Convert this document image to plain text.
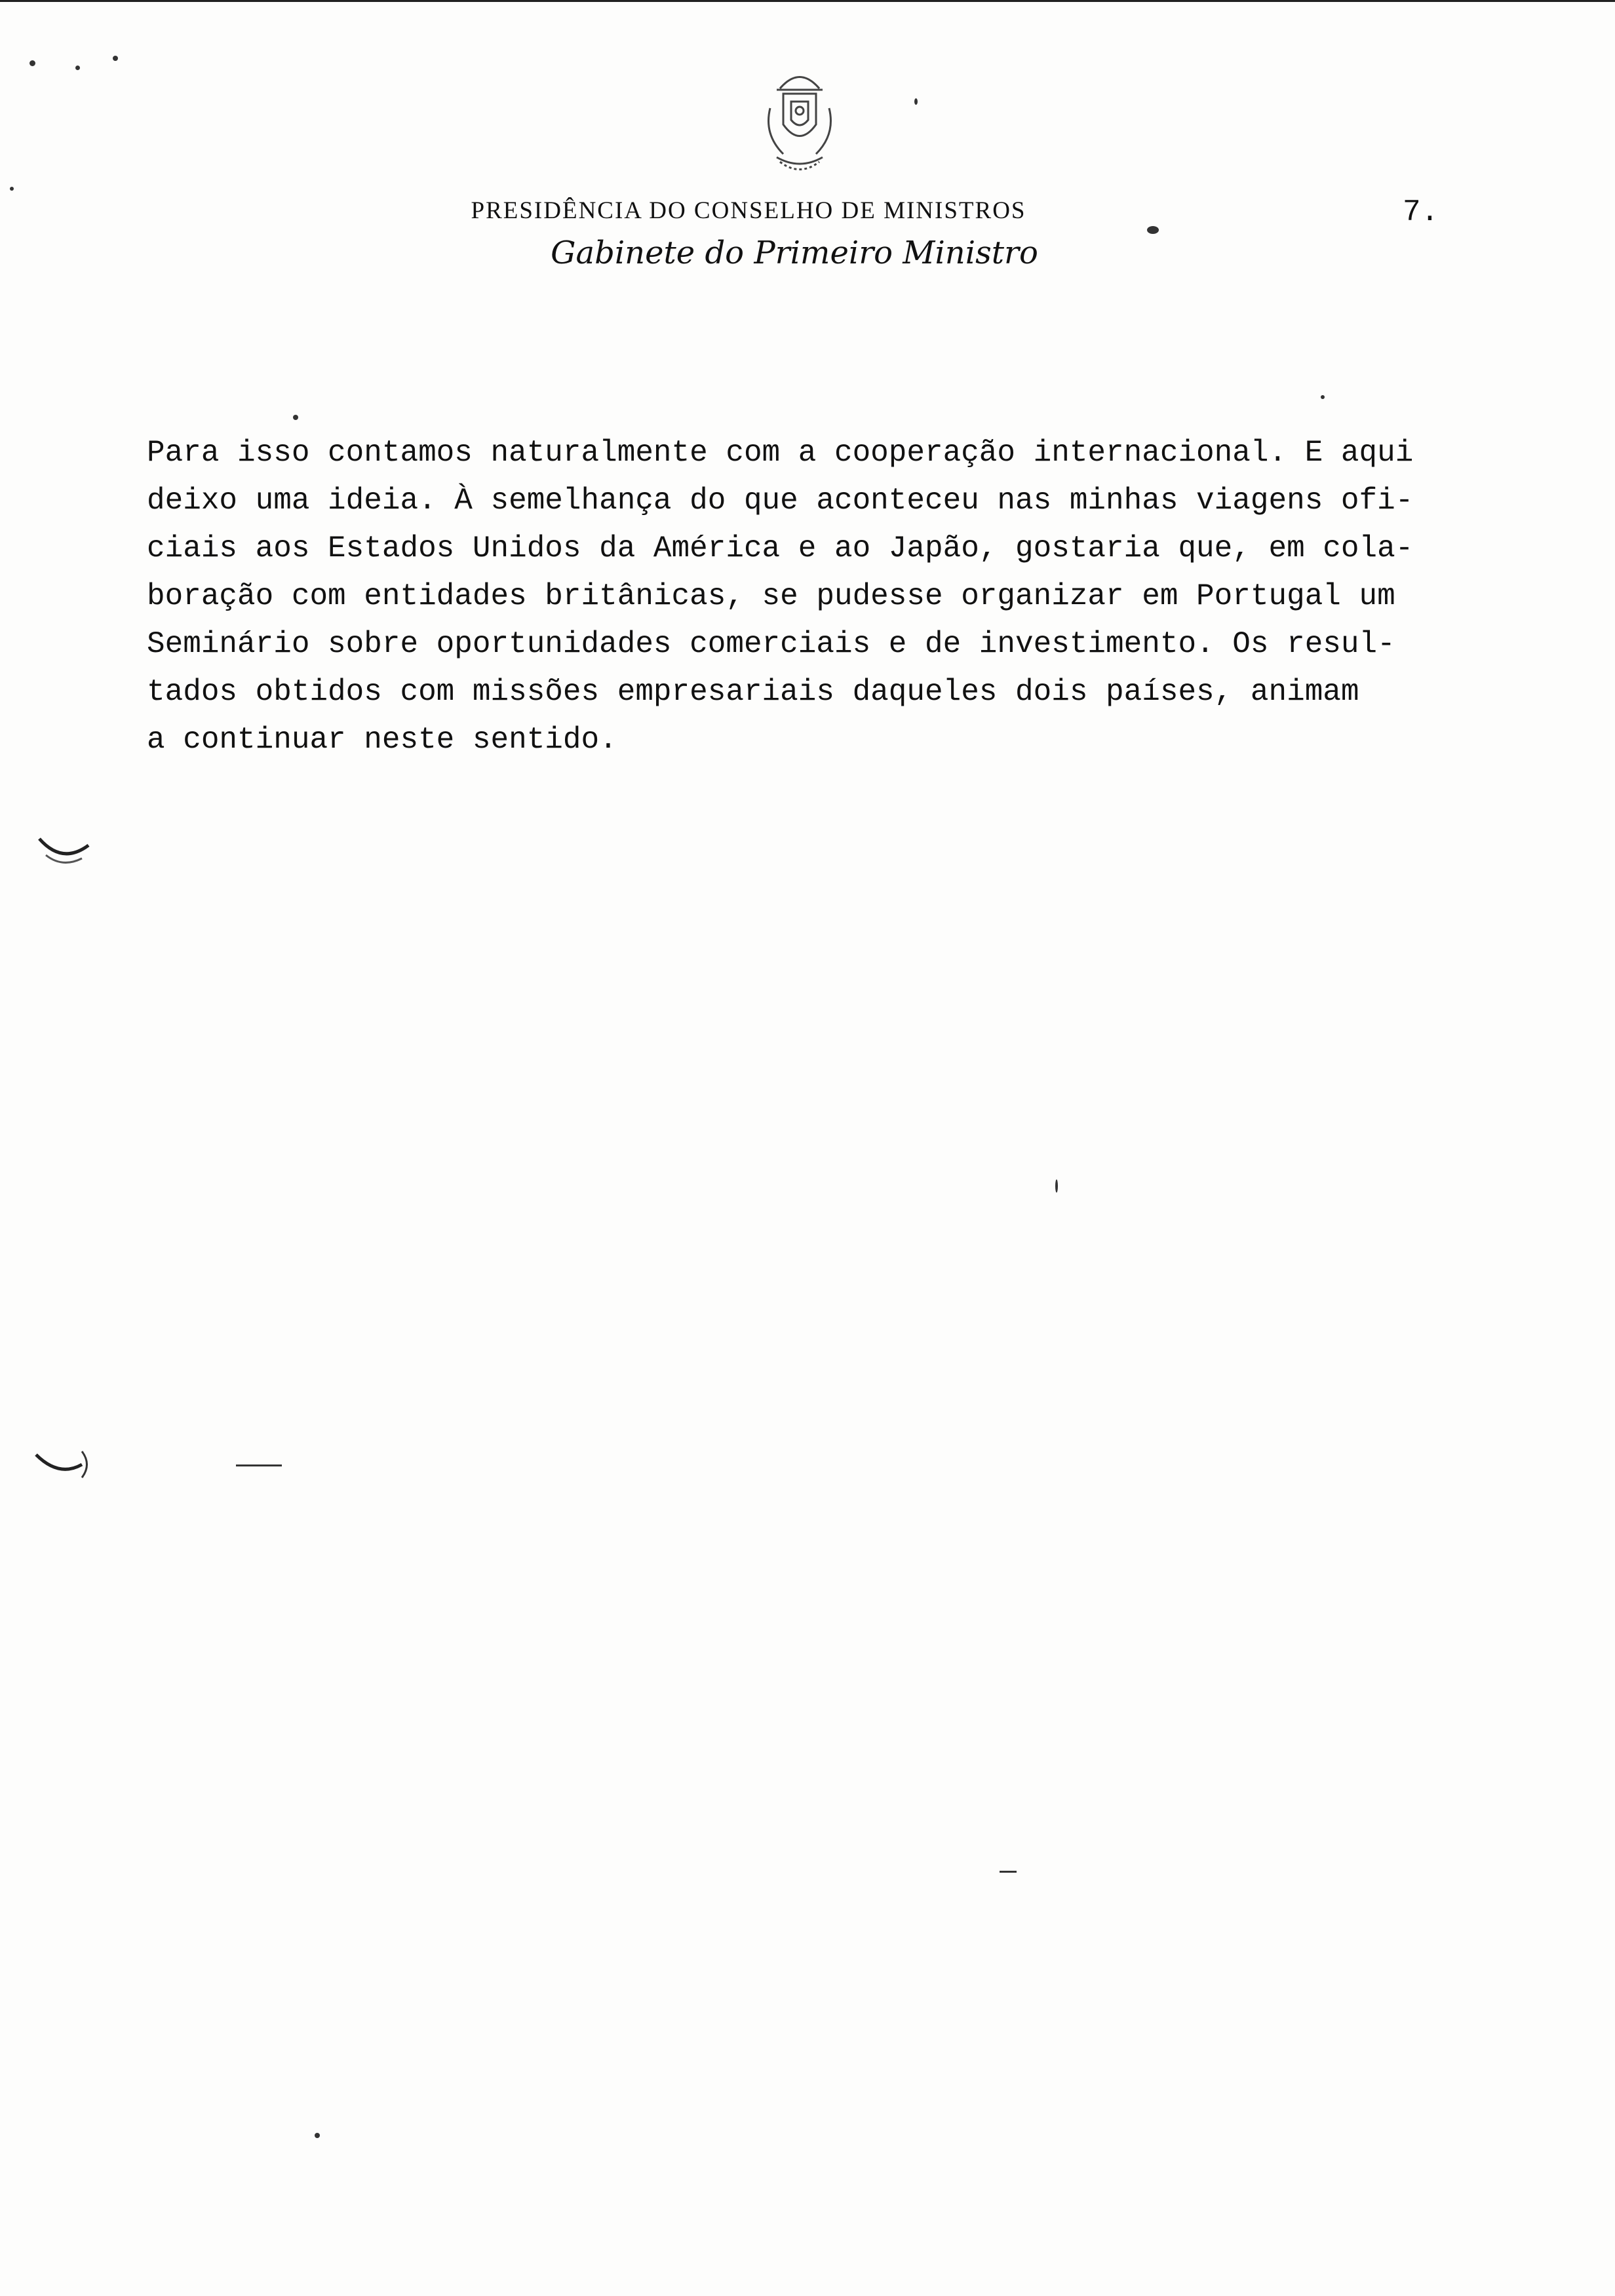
PRESIDÊNCIA DO CONSELHO DE MINISTROS
Gabinete do Primeiro Ministro
7.
Para isso contamos naturalmente com a cooperação internacional. E aqui
deixo uma ideia. À semelhança do que aconteceu nas minhas viagens ofi-
ciais aos Estados Unidos da América e ao Japão, gostaria que, em cola-
boração com entidades britânicas, se pudesse organizar em Portugal um
Seminário sobre oportunidades comerciais e de investimento. Os resul-
tados obtidos com missões empresariais daqueles dois países, animam
a continuar neste sentido.
